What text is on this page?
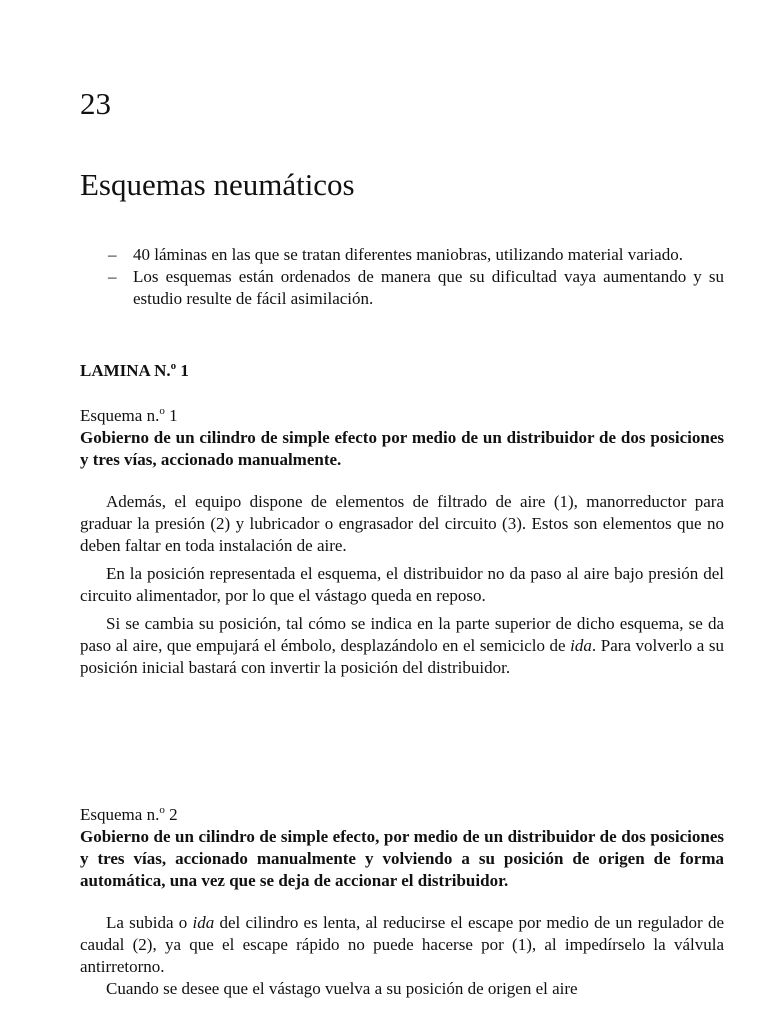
23
Esquemas neumáticos
– 40 láminas en las que se tratan diferentes maniobras, utilizando material variado.
– Los esquemas están ordenados de manera que su dificultad vaya aumentando y su estudio resulte de fácil asimilación.
LAMINA N.$^o$ 1
Esquema n.$^o$ 1
Gobierno de un cilindro de simple efecto por medio de un distribuidor de dos posiciones y tres vías, accionado manualmente.

Además, el equipo dispone de elementos de filtrado de aire (1), manorreductor para graduar la presión (2) y lubricador o engrasador del circuito (3). Estos son elementos que no deben faltar en toda instalación de aire.

En la posición representada el esquema, el distribuidor no da paso al aire bajo presión del circuito alimentador, por lo que el vástago queda en reposo.

Si se cambia su posición, tal cómo se indica en la parte superior de dicho esquema, se da paso al aire, que empujará el émbolo, desplazándolo en el semiciclo de ida. Para volverlo a su posición inicial bastará con invertir la posición del distribuidor.

Esquema n.$^o$ 2
Gobierno de un cilindro de simple efecto, por medio de un distribuidor de dos posiciones y tres vías, accionado manualmente y volviendo a su posición de origen de forma automática, una vez que se deja de accionar el distribuidor.

La subida o ida del cilindro es lenta, al reducirse el escape por medio de un regulador de caudal (2), ya que el escape rápido no puede hacerse por (1), al impedírselo la válvula antirretorno.

Cuando se desee que el vástago vuelva a su posición de origen el aire
